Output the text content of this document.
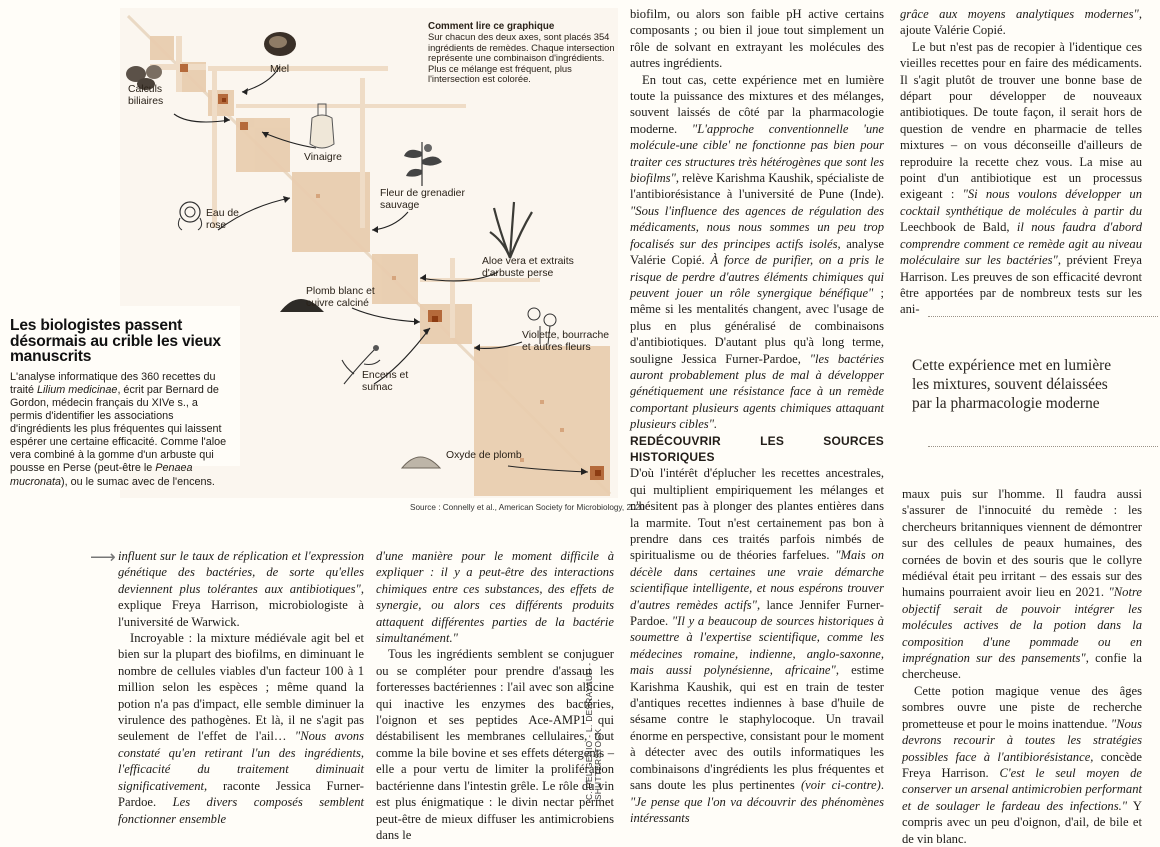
Comment lire ce graphique
Sur chacun des deux axes, sont placés 354 ingrédients de remèdes. Chaque intersection représente une combinaison d'ingrédients. Plus ce mélange est fréquent, plus l'intersection est colorée.
Miel
Calculs biliaires
Vinaigre
Fleur de grenadier sauvage
Eau de rose
Aloe vera et extraits d'arbuste perse
Plomb blanc et cuivre calciné
Violette, bourrache et autres fleurs
Encens et sumac
Oxyde de plomb
Source : Connelly et al., American Society for Microbiology, 2020
Les biologistes passent désormais au crible les vieux manuscrits
L'analyse informatique des 360 recettes du traité Lilium medicinae, écrit par Bernard de Gordon, médecin français du XIVe s., a permis d'identifier les associations d'ingrédients les plus fréquentes qui laissent espérer une certaine efficacité. Comme l'aloe vera combiné à la gomme d'un arbuste qui pousse en Perse (peut-être le Penaea mucronata), ou le sumac avec de l'encens.

biofilm, ou alors son faible pH active certains composants ; ou bien il joue tout simplement un rôle de solvant en extrayant les molécules des autres ingrédients.

En tout cas, cette expérience met en lumière toute la puissance des mixtures et des mélanges, souvent laissés de côté par la pharmacologie moderne. "L'approche conventionnelle 'une molécule-une cible' ne fonctionne pas bien pour traiter ces structures très hétérogènes que sont les biofilms", relève Karishma Kaushik, spécialiste de l'antibiorésistance à l'université de Pune (Inde). "Sous l'influence des agences de régulation des médicaments, nous nous sommes un peu trop focalisés sur des principes actifs isolés, analyse Valérie Copié. À force de purifier, on a pris le risque de perdre d'autres éléments chimiques qui peuvent jouer un rôle synergique bénéfique" ; même si les mentalités changent, avec l'usage de plus en plus généralisé de combinaisons d'antibiotiques. D'autant plus qu'à long terme, souligne Jessica Furner-Pardoe, "les bactéries auront probablement plus de mal à développer génétiquement une résistance face à un remède comportant plusieurs agents chimiques attaquant plusieurs cibles".

REDÉCOUVRIR LES SOURCES HISTORIQUES

D'où l'intérêt d'éplucher les recettes ancestrales, qui multiplient empiriquement les mélanges et n'hésitent pas à plonger des plantes entières dans la marmite. Tout n'est certainement pas bon à prendre dans ces traités parfois nimbés de spiritualisme ou de théories farfelues. "Mais on décèle dans certaines une vraie démarche scientifique intelligente, et nous espérons trouver d'autres remèdes actifs", lance Jennifer Furner-Pardoe. "Il y a beaucoup de sources historiques à soumettre à l'expertise scientifique, comme les médecines romaine, indienne, anglo-saxonne, mais aussi polynésienne, africaine", estime Karishma Kaushik, qui est en train de tester d'antiques recettes indiennes à base d'huile de sésame contre le staphylocoque. Un travail énorme en perspective, consistant pour le moment à détecter avec des outils informatiques les combinaisons d'ingrédients les plus fréquentes et sans doute les plus pertinentes (voir ci-contre). "Je pense que l'on va découvrir des phénomènes intéressants

grâce aux moyens analytiques modernes", ajoute Valérie Copié.

Le but n'est pas de recopier à l'identique ces vieilles recettes pour en faire des médicaments. Il s'agit plutôt de trouver une bonne base de départ pour développer de nouveaux antibiotiques. De toute façon, il serait hors de question de vendre en pharmacie de telles mixtures – on vous déconseille d'ailleurs de reproduire la recette chez vous. La mise au point d'un antibiotique est un processus exigeant : "Si nous voulons développer un cocktail synthétique de molécules à partir du Leechbook de Bald, il nous faudra d'abord comprendre comment ce remède agit au niveau moléculaire sur les bactéries", prévient Freya Harrison. Les preuves de son efficacité devront être apportées par de nombreux tests sur les ani-

Cette expérience met en lumière les mixtures, souvent délaissées par la pharmacologie moderne
⟶ influent sur le taux de réplication et l'expression génétique des bactéries, de sorte qu'elles deviennent plus tolérantes aux antibiotiques", explique Freya Harrison, microbiologiste à l'université de Warwick.

Incroyable : la mixture médiévale agit bel et bien sur la plupart des biofilms, en diminuant le nombre de cellules viables d'un facteur 100 à 1 million selon les espèces ; même quand la potion n'a pas d'impact, elle semble diminuer la virulence des pathogènes. Et là, il ne s'agit pas seulement de l'effet de l'ail… "Nous avons constaté qu'en retirant l'un des ingrédients, l'efficacité du traitement diminuait significativement, raconte Jessica Furner-Pardoe. Les divers composés semblent fonctionner ensemble

d'une manière pour le moment difficile à expliquer : il y a peut-être des interactions chimiques entre ces substances, des effets de synergie, ou alors ces différents produits attaquent différentes parties de la bactérie simultanément."

Tous les ingrédients semblent se conjuguer ou se compléter pour prendre d'assaut les forteresses bactériennes : l'ail avec son allicine qui inactive les enzymes des bactéries, l'oignon et ses peptides Ace-AMP1 qui déstabilisent les membranes cellulaires, tout comme la bile bovine et ses effets détergents – elle a pour vertu de limiter la prolifération bactérienne dans l'intestin grêle. Le rôle du vin est plus énigmatique : le divin nectar permet peut-être de mieux diffuser les antimicrobiens dans le

C. DEL GENIO - L. DESRAYAUD - SHUTTERSTOCK

maux puis sur l'homme. Il faudra aussi s'assurer de l'innocuité du remède : les chercheurs britanniques viennent de démontrer sur des cellules de peaux humaines, des cornées de bovin et des souris que le collyre médiéval était peu irritant – des essais sur des humains pourraient avoir lieu en 2021. "Notre objectif serait de pouvoir intégrer les molécules actives de la potion dans la composition d'une pommade ou en imprégnation sur des pansements", confie la chercheuse.

Cette potion magique venue des âges sombres ouvre une piste de recherche prometteuse et pour le moins inattendue. "Nous devrons recourir à toutes les stratégies possibles face à l'antibiorésistance, concède Freya Harrison. C'est le seul moyen de conserver un arsenal antimicrobien performant et de soulager le fardeau des infections." Y compris avec un peu d'oignon, d'ail, de bile et de vin blanc.
